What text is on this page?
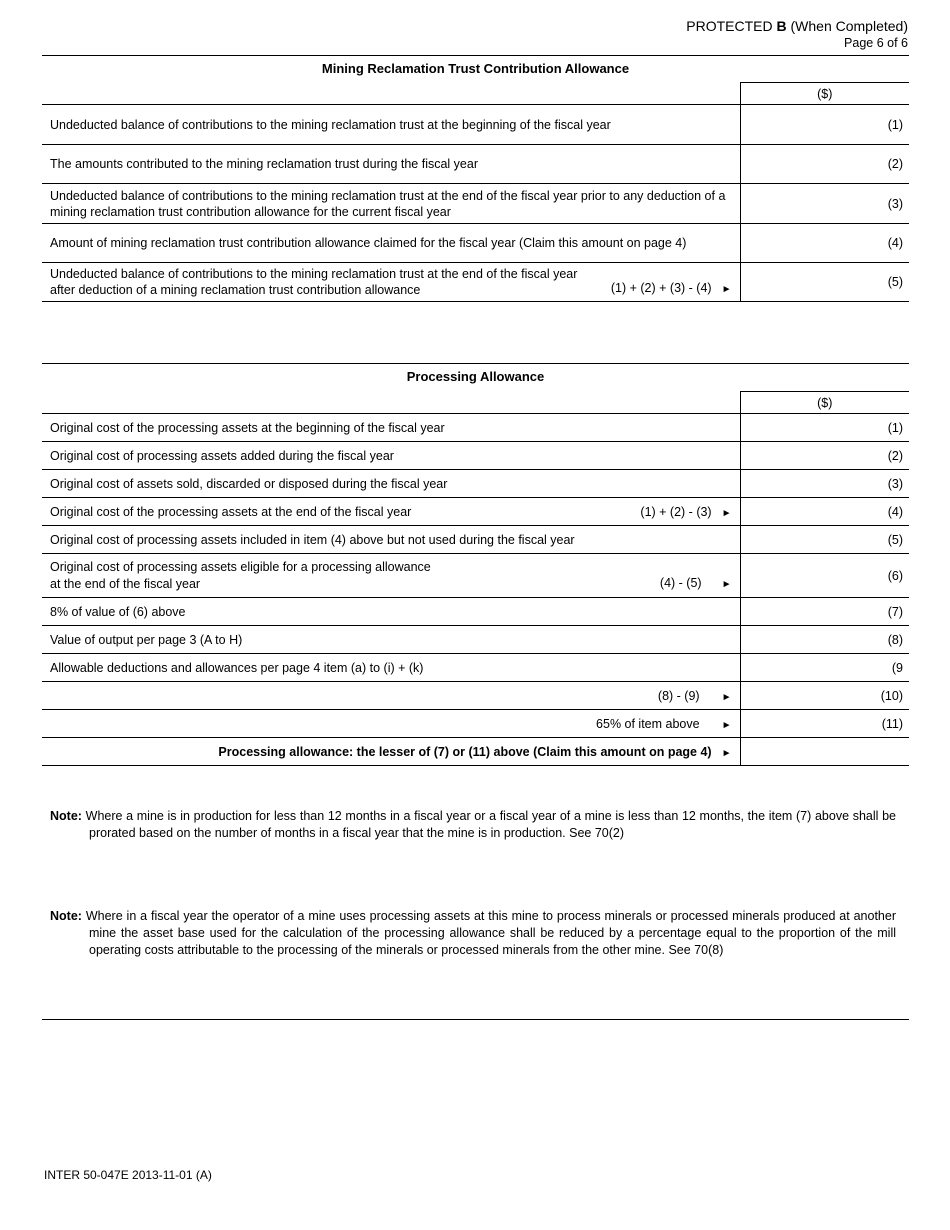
PROTECTED B (When Completed)
Page 6 of 6
Mining Reclamation Trust Contribution Allowance
	($)
Undeducted balance of contributions to the mining reclamation trust at the beginning of the fiscal year	(1)
The amounts contributed to the mining reclamation trust during the fiscal year	(2)
Undeducted balance of contributions to the mining reclamation trust at the end of the fiscal year prior to any deduction of a mining reclamation trust contribution allowance for the current fiscal year	(3)
Amount of mining reclamation trust contribution allowance claimed for the fiscal year (Claim this amount on page 4)	(4)

Undeducted balance of contributions to the mining reclamation trust at the end of the fiscal year after deduction of a mining reclamation trust contribution allowance (1) + (2) + (3) - (4) ►	(5)
Processing Allowance
	($)
Original cost of the processing assets at the beginning of the fiscal year	(1)
Original cost of processing assets added during the fiscal year	(2)
Original cost of assets sold, discarded or disposed during the fiscal year	(3)

Original cost of the processing assets at the end of the fiscal year (1) + (2) - (3) ►	(4)
Original cost of processing assets included in item (4) above but not used during the fiscal year	(5)

Original cost of processing assets eligible for a processing allowance
at the end of the fiscal year (4) - (5) ►	(6)
8% of value of (6) above	(7)
Value of output per page 3 (A to H)	(8)
Allowable deductions and allowances per page 4 item (a) to (i) + (k)	(9
(8) - (9) ►	(10)
65% of item above ►	(11)
Processing allowance: the lesser of (7) or (11) above (Claim this amount on page 4) ►	
Note: Where a mine is in production for less than 12 months in a fiscal year or a fiscal year of a mine is less than 12 months, the item (7) above shall be prorated based on the number of months in a fiscal year that the mine is in production. See 70(2)
Note: Where in a fiscal year the operator of a mine uses processing assets at this mine to process minerals or processed minerals produced at another mine the asset base used for the calculation of the processing allowance shall be reduced by a percentage equal to the proportion of the mill operating costs attributable to the processing of the minerals or processed minerals from the other mine. See 70(8)
INTER 50-047E 2013-11-01 (A)
